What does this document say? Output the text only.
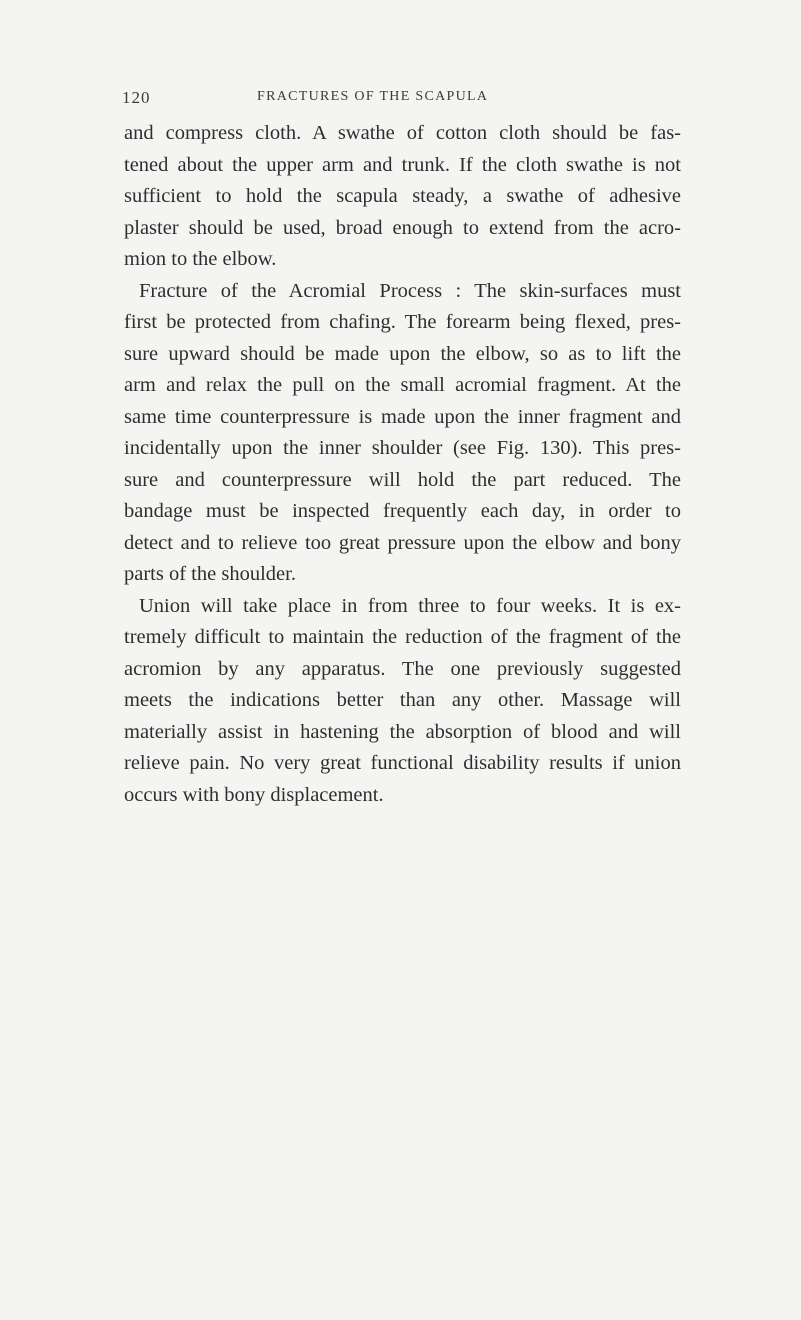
120	FRACTURES OF THE SCAPULA
and compress cloth. A swathe of cotton cloth should be fas-
tened about the upper arm and trunk. If the cloth swathe is not
sufficient to hold the scapula steady, a swathe of adhesive
plaster should be used, broad enough to extend from the acro-
mion to the elbow.
Fracture of the Acromial Process : The skin-surfaces must
first be protected from chafing. The forearm being flexed, pres-
sure upward should be made upon the elbow, so as to lift the
arm and relax the pull on the small acromial fragment. At the
same time counterpressure is made upon the inner fragment and
incidentally upon the inner shoulder (see Fig. 130). This pres-
sure and counterpressure will hold the part reduced. The
bandage must be inspected frequently each day, in order to
detect and to relieve too great pressure upon the elbow and bony
parts of the shoulder.
Union will take place in from three to four weeks. It is ex-
tremely difficult to maintain the reduction of the fragment of the
acromion by any apparatus. The one previously suggested
meets the indications better than any other. Massage will
materially assist in hastening the absorption of blood and will
relieve pain. No very great functional disability results if union
occurs with bony displacement.
